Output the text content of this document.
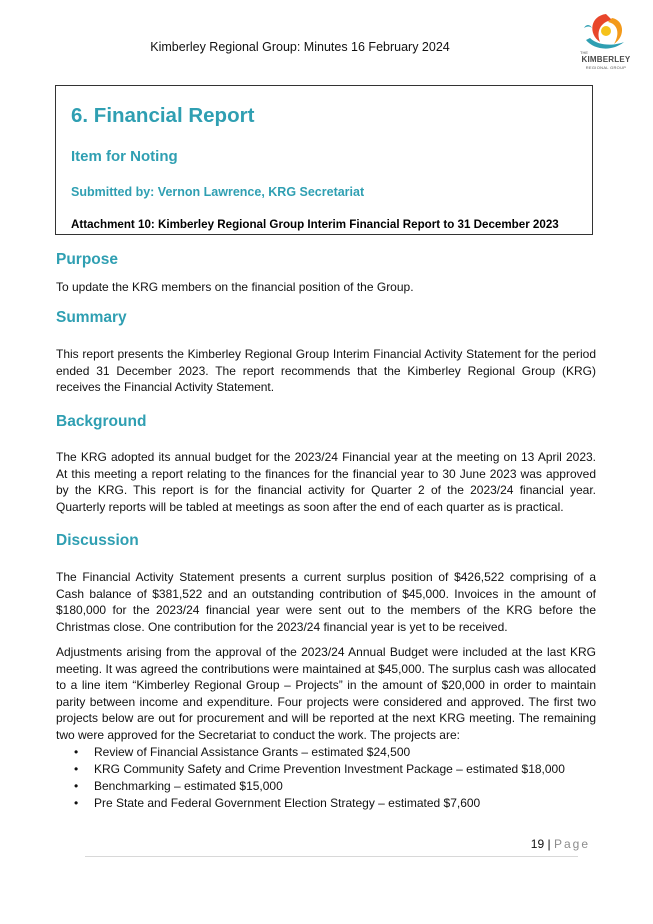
Kimberley Regional Group: Minutes 16 February 2024	THE
KIMBERLEY
REGIONAL GROUP
6. Financial Report
Item for Noting
Submitted by: Vernon Lawrence, KRG Secretariat
Attachment 10: Kimberley Regional Group Interim Financial Report to 31 December 2023
Purpose

To update the KRG members on the financial position of the Group.

Summary

This report presents the Kimberley Regional Group Interim Financial Activity Statement for the period ended 31 December 2023. The report recommends that the Kimberley Regional Group (KRG) receives the Financial Activity Statement.

Background

The KRG adopted its annual budget for the 2023/24 Financial year at the meeting on 13 April 2023. At this meeting a report relating to the finances for the financial year to 30 June 2023 was approved by the KRG. This report is for the financial activity for Quarter 2 of the 2023/24 financial year. Quarterly reports will be tabled at meetings as soon after the end of each quarter as is practical.

Discussion

The Financial Activity Statement presents a current surplus position of $426,522 comprising of a Cash balance of $381,522 and an outstanding contribution of $45,000. Invoices in the amount of $180,000 for the 2023/24 financial year were sent out to the members of the KRG before the Christmas close. One contribution for the 2023/24 financial year is yet to be received.

Adjustments arising from the approval of the 2023/24 Annual Budget were included at the last KRG meeting. It was agreed the contributions were maintained at $45,000. The surplus cash was allocated to a line item “Kimberley Regional Group – Projects” in the amount of $20,000 in order to maintain parity between income and expenditure. Four projects were considered and approved. The first two projects below are out for procurement and will be reported at the next KRG meeting. The remaining two were approved for the Secretariat to conduct the work. The projects are:

• Review of Financial Assistance Grants – estimated $24,500
• KRG Community Safety and Crime Prevention Investment Package – estimated $18,000
• Benchmarking – estimated $15,000
• Pre State and Federal Government Election Strategy – estimated $7,600
19 | Page
